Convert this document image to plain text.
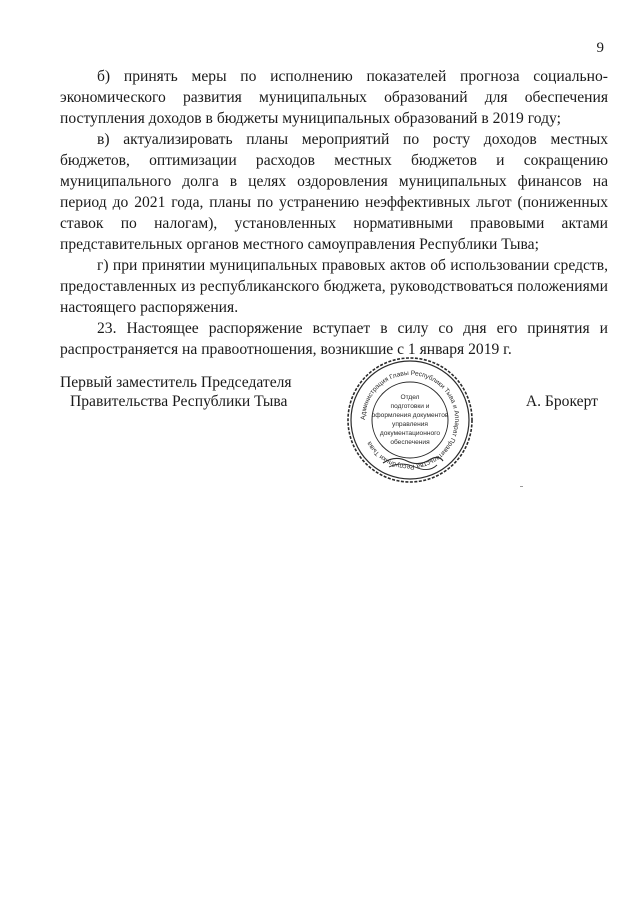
9

б) принять меры по исполнению показателей прогноза социально-экономического развития муниципальных образований для обеспечения поступления доходов в бюджеты муниципальных образований в 2019 году;

в) актуализировать планы мероприятий по росту доходов местных бюджетов, оптимизации расходов местных бюджетов и сокращению муниципального долга в целях оздоровления муниципальных финансов на период до 2021 года, планы по устранению неэффективных льгот (пониженных ставок по налогам), установленных нормативными правовыми актами представительных органов местного самоуправления Республики Тыва;

г) при принятии муниципальных правовых актов об использовании средств, предоставленных из республиканского бюджета, руководствоваться положениями настоящего распоряжения.

23. Настоящее распоряжение вступает в силу со дня его принятия и распространяется на правоотношения, возникшие с 1 января 2019 г.

Первый заместитель Председателя
Правительства Республики Тыва	А. Брокерт
Администрация Главы Республики Тыва и Аппарат Правительства Республики Тыва
Отдел
подготовки и
оформления документов
управления
документационного
обеспечения
